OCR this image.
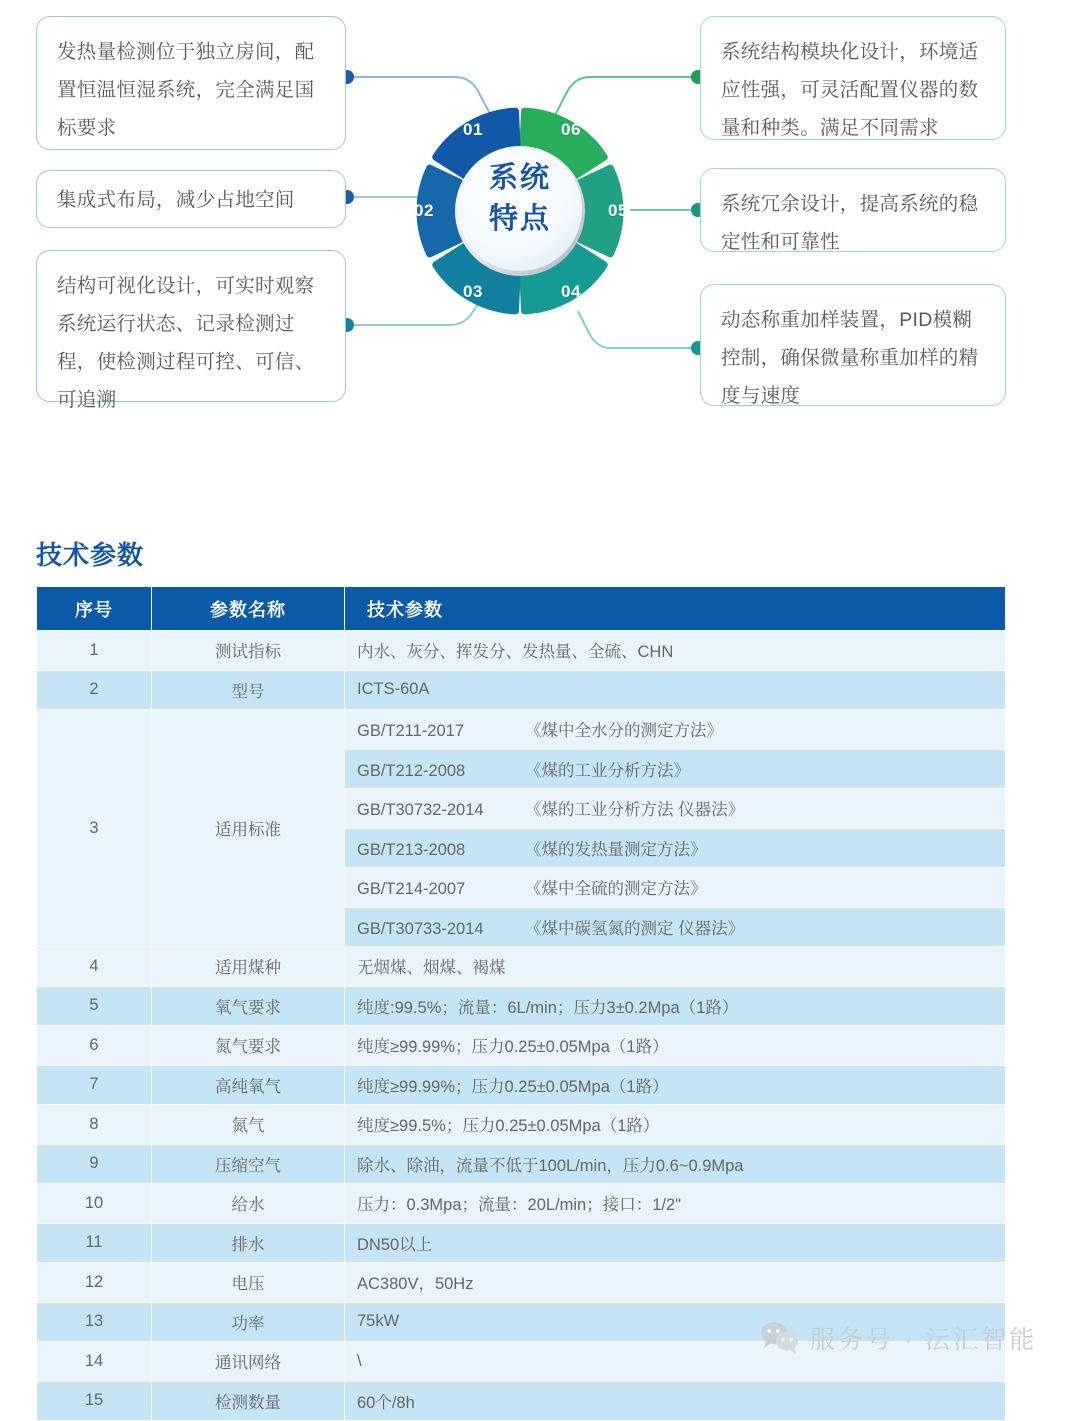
01
02
03	04
05
06
系统
特点
发热量检测位于独立房间，配置恒温恒湿系统，完全满足国标要求
集成式布局，减少占地空间
结构可视化设计，可实时观察系统运行状态、记录检测过程，使检测过程可控、可信、可追溯
系统结构模块化设计，环境适应性强，可灵活配置仪器的数量和种类。满足不同需求
系统冗余设计，提高系统的稳定性和可靠性
动态称重加样装置，PID模糊控制，确保微量称重加样的精度与速度
技术参数
序号	参数名称	技术参数
1	测试指标	内水、灰分、挥发分、发热量、全硫、CHN
2	型号	ICTS-60A
3	适用标准	GB/T211-2017 《煤中全水分的测定方法》
		GB/T212-2008 《煤的工业分析方法》
		GB/T30732-2014 《煤的工业分析方法 仪器法》
		GB/T213-2008 《煤的发热量测定方法》
		GB/T214-2007 《煤中全硫的测定方法》
		GB/T30733-2014 《煤中碳氢氮的测定 仪器法》
4	适用煤种	无烟煤、烟煤、褐煤
5	氧气要求	纯度:99.5%；流量：6L/min；压力3±0.2Mpa（1路）
6	氮气要求	纯度≥99.99%；压力0.25±0.05Mpa（1路）
7	高纯氧气	纯度≥99.99%；压力0.25±0.05Mpa（1路）
8	氮气	纯度≥99.5%；压力0.25±0.05Mpa（1路）
9	压缩空气	除水、除油，流量不低于100L/min，压力0.6~0.9Mpa
10	给水	压力：0.3Mpa；流量：20L/min；接口：1/2"
11	排水	DN50以上
12	电压	AC380V，50Hz
13	功率	75kW
14	通讯网络	\
15	检测数量	60个/8h
服务号 · 沄汇智能
